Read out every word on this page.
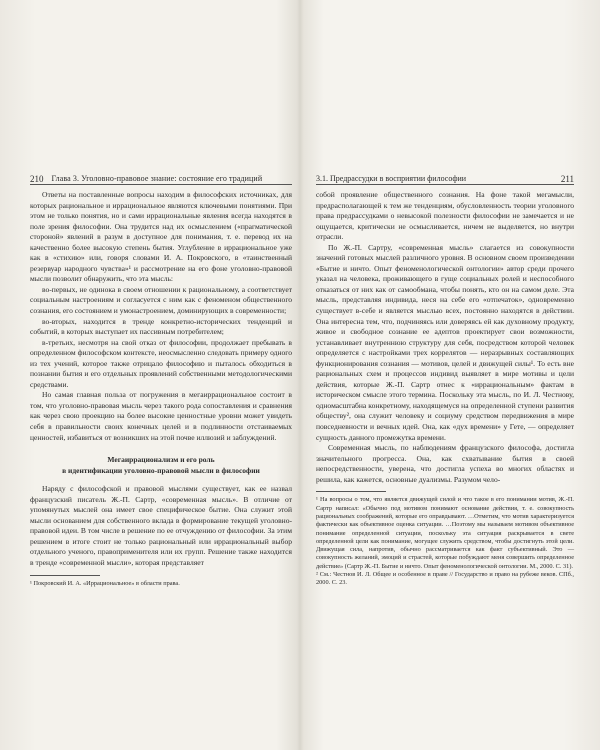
210 Глава 3. Уголовно-правовое знание: состояние его традиций

Ответы на поставленные вопросы находим в философских источниках, для которых рациональное и иррациональное являются ключевыми понятиями. При этом не только понятия, но и сами иррациональные явления всегда находятся в поле зрения философии. Она трудится над их осмыслением («прагматической стороной» явлений в разум в доступное для понимания, т. е. перевод их на качественно более высокую степень бытия. Углубление в иррациональное уже как в «стихию» или, говоря словами И. А. Покровского, в «таинственный резервуар народного чувства»¹ и рассмотрение на его фоне уголовно-правовой мысли позволит обнаружить, что эта мысль:

во-первых, не одинока в своем отношении к рациональному, а соответствует социальным настроениям и согласуется с ним как с феноменом общественного сознания, его состоянием и умонастроением, доминирующих в современности;

во-вторых, находится в тренде конкретно-исторических тенденций и событий, в которых выступает их пассивным потребителем;

в-третьих, несмотря на свой отказ от философии, продолжает пребывать в определенном философском контексте, неосмысленно следовать примеру одного из тех учений, которое также отрицало философию и пыталось обходиться в познании бытия и его отдельных проявлений собственными методологическими средствами.

Но самая главная польза от погружения в мегаиррациональное состоит в том, что уголовно-правовая мысль через такого рода сопоставления и сравнения как через свою проекцию на более высокие ценностные уровни может увидеть себя в правильности своих конечных целей и в подлинности отстаиваемых ценностей, избавиться от возникших на этой почве иллюзий и заблуждений.

Мегаиррационализм и его роль
в идентификации уголовно-правовой мысли в философии

Наряду с философской и правовой мыслями существует, как ее назвал французский писатель Ж.-П. Сартр, «современная мысль». В отличие от упомянутых мыслей она имеет свое специфическое бытие. Она служит этой мысли основанием для собственного вклада в формирование текущей уголовно-правовой идеи. В том числе в решение по ее отчуждению от философии. За этим решением в итоге стоит не только рациональный или иррациональный выбор отдельного ученого, правоприменителя или их групп. Решение также находится в тренде «современной мысли», которая представляет

¹ Покровский И. А. «Иррациональное» в области права.
3.1. Предрассудки в восприятии философии	211

собой проявление общественного сознания. На фоне такой мегамысли, предрасполагающей к тем же тенденциям, обусловленность теории уголовного права предрассудками о невысокой полезности философии не замечается и не ощущается, критически не осмысливается, ничем не выделяется, но внутри отрасли.

По Ж.-П. Сартру, «современная мысль» слагается из совокупности значений готовых мыслей различного уровня. В основном своем произведении «Бытие и ничто. Опыт феноменологической онтологии» автор среди прочего указал на человека, проживающего в гуще социальных ролей и неспособного отказаться от них как от самообмана, чтобы понять, кто он на самом деле. Эта мысль, представляя индивида, неся на себе его «отпечаток», одновременно существует в-себе и является мыслью всех, постоянно находятся в действии. Она интересна тем, что, подчиняясь или доверяясь ей как духовному продукту, живое и свободное сознание ее адептов проектирует свои возможности, устанавливает внутреннюю структуру для себя, посредством которой человек определяется с настройками трех коррелятов — неразрывных составляющих функционирования сознания — мотивов, целей и движущей силы¹. То есть вне рациональных схем и процессов индивид выявляет в мире мотивы и цели действия, которые Ж.-П. Сартр отнес к «иррациональным» фактам в историческом смысле этого термина. Поскольку эта мысль, по И. Л. Честнову, одномасштабна конкретному, находящемуся на определенной ступени развития обществу², она служит человеку и социуму средством передвижения в мире повседневности и вечных идей. Она, как «дух времени» у Гете, — определяет сущность данного промежутка времени.

Современная мысль, по наблюдениям французского философа, достигла значительного прогресса. Она, как схватывание бытия в своей непосредственности, уверена, что достигла успеха во многих областях и решила, как кажется, основные дуализмы. Разумом чело-

¹ На вопросы о том, что является движущей силой и что такое в его понимании мотив, Ж.-П. Сартр написал: «Обычно под мотивом понимают основание действия, т. е. совокупность рациональных соображений, которые его оправдывают. …Отметим, что мотив характеризуется фактически как объективное оценка ситуации. …Поэтому мы называем мотивом объективное понимание определенной ситуации, поскольку эта ситуация раскрывается в свете определенной цели как понимание, могущее служить средством, чтобы достигнуть этой цели. Движущая сила, напротив, обычно рассматривается как факт субъективный. Это — совокупность желаний, эмоций и страстей, которые побуждают меня совершить определенное действие» (Сартр Ж.-П. Бытие и ничто. Опыт феноменологической онтологии. М., 2000. С. 31).
² См.: Честнов И. Л. Общее и особенное в праве // Государство и право на рубеже веков. СПб., 2000. С. 23.
